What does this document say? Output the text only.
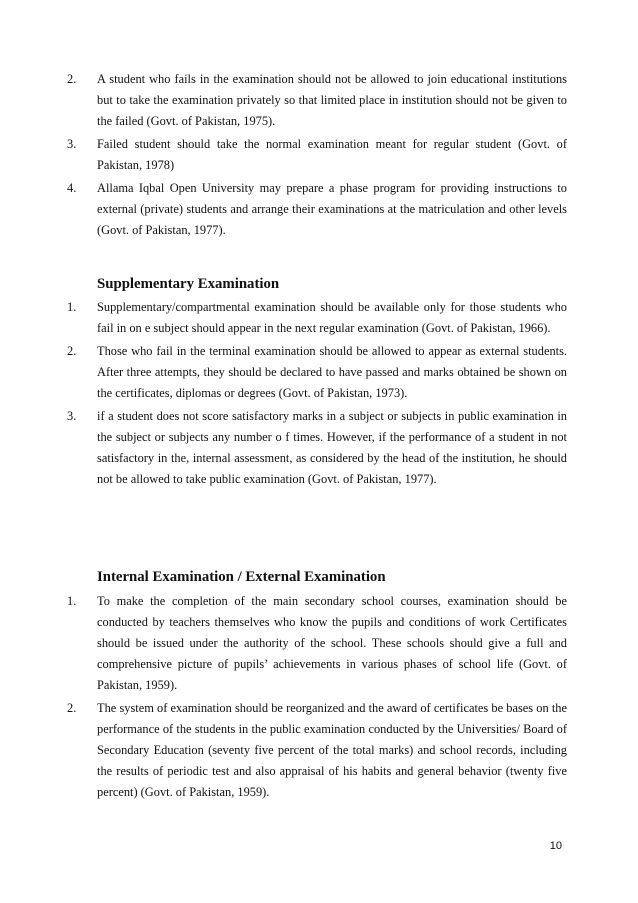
2. A student who fails in the examination should not be allowed to join educational institutions but to take the examination privately so that limited place in institution should not be given to the failed (Govt. of Pakistan, 1975).
3. Failed student should take the normal examination meant for regular student (Govt. of Pakistan, 1978)
4. Allama Iqbal Open University may prepare a phase program for providing instructions to external (private) students and arrange their examinations at the matriculation and other levels (Govt. of Pakistan, 1977).
Supplementary Examination
1. Supplementary/compartmental examination should be available only for those students who fail in on e subject should appear in the next regular examination (Govt. of Pakistan, 1966).
2. Those who fail in the terminal examination should be allowed to appear as external students. After three attempts, they should be declared to have passed and marks obtained be shown on the certificates, diplomas or degrees (Govt. of Pakistan, 1973).
3. if a student does not score satisfactory marks in a subject or subjects in public examination in the subject or subjects any number o f times. However, if the performance of a student in not satisfactory in the, internal assessment, as considered by the head of the institution, he should not be allowed to take public examination (Govt. of Pakistan, 1977).
Internal Examination / External Examination
1. To make the completion of the main secondary school courses, examination should be conducted by teachers themselves who know the pupils and conditions of work Certificates should be issued under the authority of the school. These schools should give a full and comprehensive picture of pupils’ achievements in various phases of school life (Govt. of Pakistan, 1959).
2. The system of examination should be reorganized and the award of certificates be bases on the performance of the students in the public examination conducted by the Universities/ Board of Secondary Education (seventy five percent of the total marks) and school records, including the results of periodic test and also appraisal of his habits and general behavior (twenty five percent) (Govt. of Pakistan, 1959).
10
